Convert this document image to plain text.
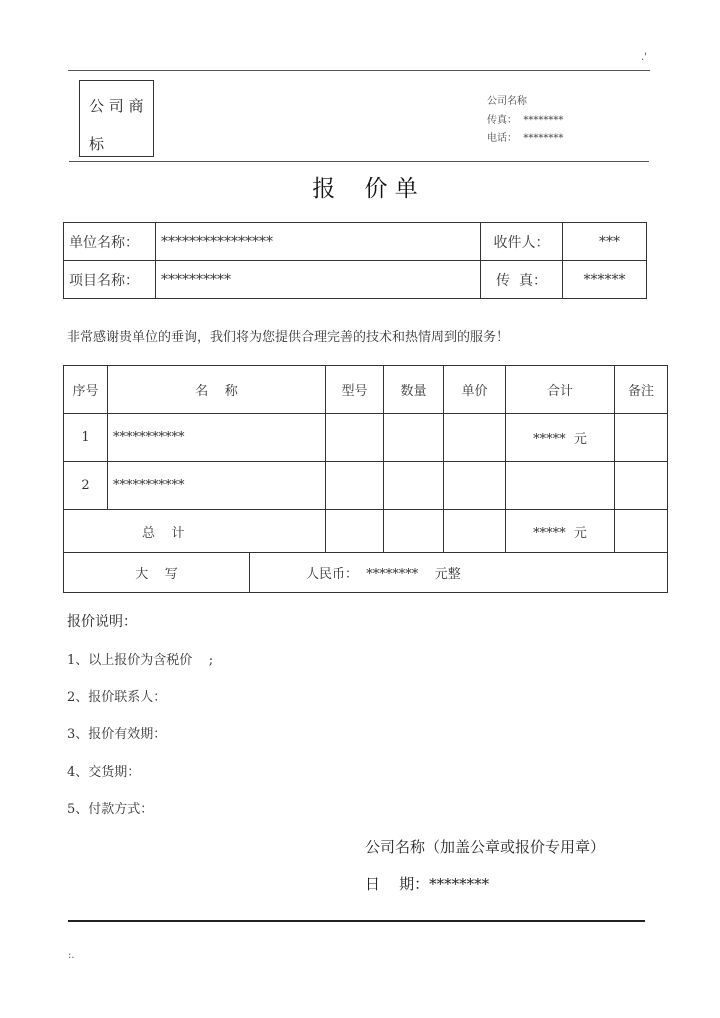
.'
公 司 商
标
公司名称
传真：  ********
电话：  ********
报    价 单
单位名称：	****************	收件人：	***
项目名称：	**********	传  真：	******
非常感谢贵单位的垂询，我们将为您提供合理完善的技术和热情周到的服务！
序号	名    称	型号	数量	单价	合计	备注
1	***********				*****  元	
2	***********					
总    计					*****  元	
大    写	人民币：  ********    元整
报价说明：
1、以上报价为含税价    ;
2、报价联系人：
3、报价有效期：
4、交货期：
5、付款方式：
公司名称（加盖公章或报价专用章）
日    期：********
:.
